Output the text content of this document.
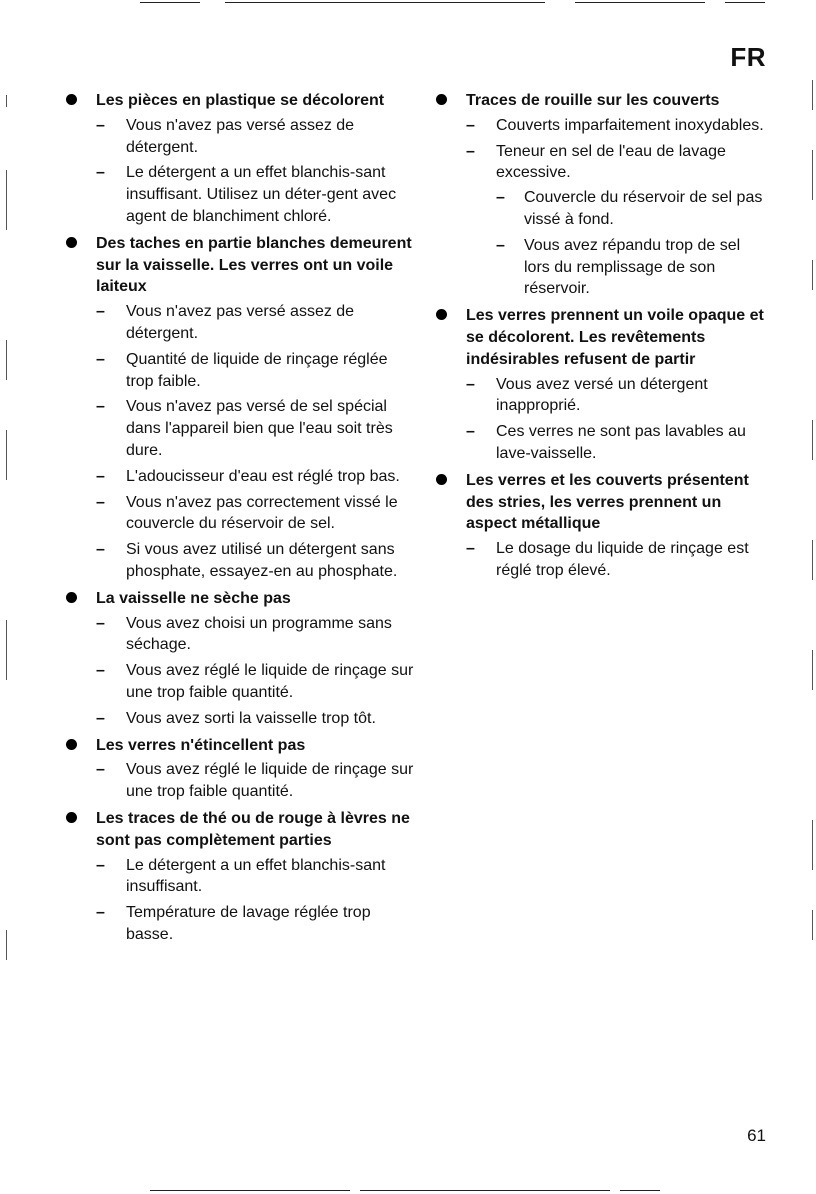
FR

Les pièces en plastique se décolorent

– Vous n'avez pas versé assez de détergent.
– Le détergent a un effet blanchis-sant insuffisant. Utilisez un déter-gent avec agent de blanchiment chloré.

Des taches en partie blanches demeurent sur la vaisselle. Les verres ont un voile laiteux

– Vous n'avez pas versé assez de détergent.
– Quantité de liquide de rinçage réglée trop faible.
– Vous n'avez pas versé de sel spécial dans l'appareil bien que l'eau soit très dure.
– L'adoucisseur d'eau est réglé trop bas.
– Vous n'avez pas correctement vissé le couvercle du réservoir de sel.
– Si vous avez utilisé un détergent sans phosphate, essayez-en au phosphate.

La vaisselle ne sèche pas

– Vous avez choisi un programme sans séchage.
– Vous avez réglé le liquide de rinçage sur une trop faible quantité.
– Vous avez sorti la vaisselle trop tôt.

Les verres n'étincellent pas

– Vous avez réglé le liquide de rinçage sur une trop faible quantité.

Les traces de thé ou de rouge à lèvres ne sont pas complètement parties

– Le détergent a un effet blanchis-sant insuffisant.
– Température de lavage réglée trop basse.

Traces de rouille sur les couverts

– Couverts imparfaitement inoxydables.
– Teneur en sel de l'eau de lavage excessive.
– Couvercle du réservoir de sel pas vissé à fond.
– Vous avez répandu trop de sel lors du remplissage de son réservoir.

Les verres prennent un voile opaque et se décolorent. Les revêtements indésirables refusent de partir

– Vous avez versé un détergent inapproprié.
– Ces verres ne sont pas lavables au lave-vaisselle.

Les verres et les couverts présentent des stries, les verres prennent un aspect métallique

– Le dosage du liquide de rinçage est réglé trop élevé.
61
